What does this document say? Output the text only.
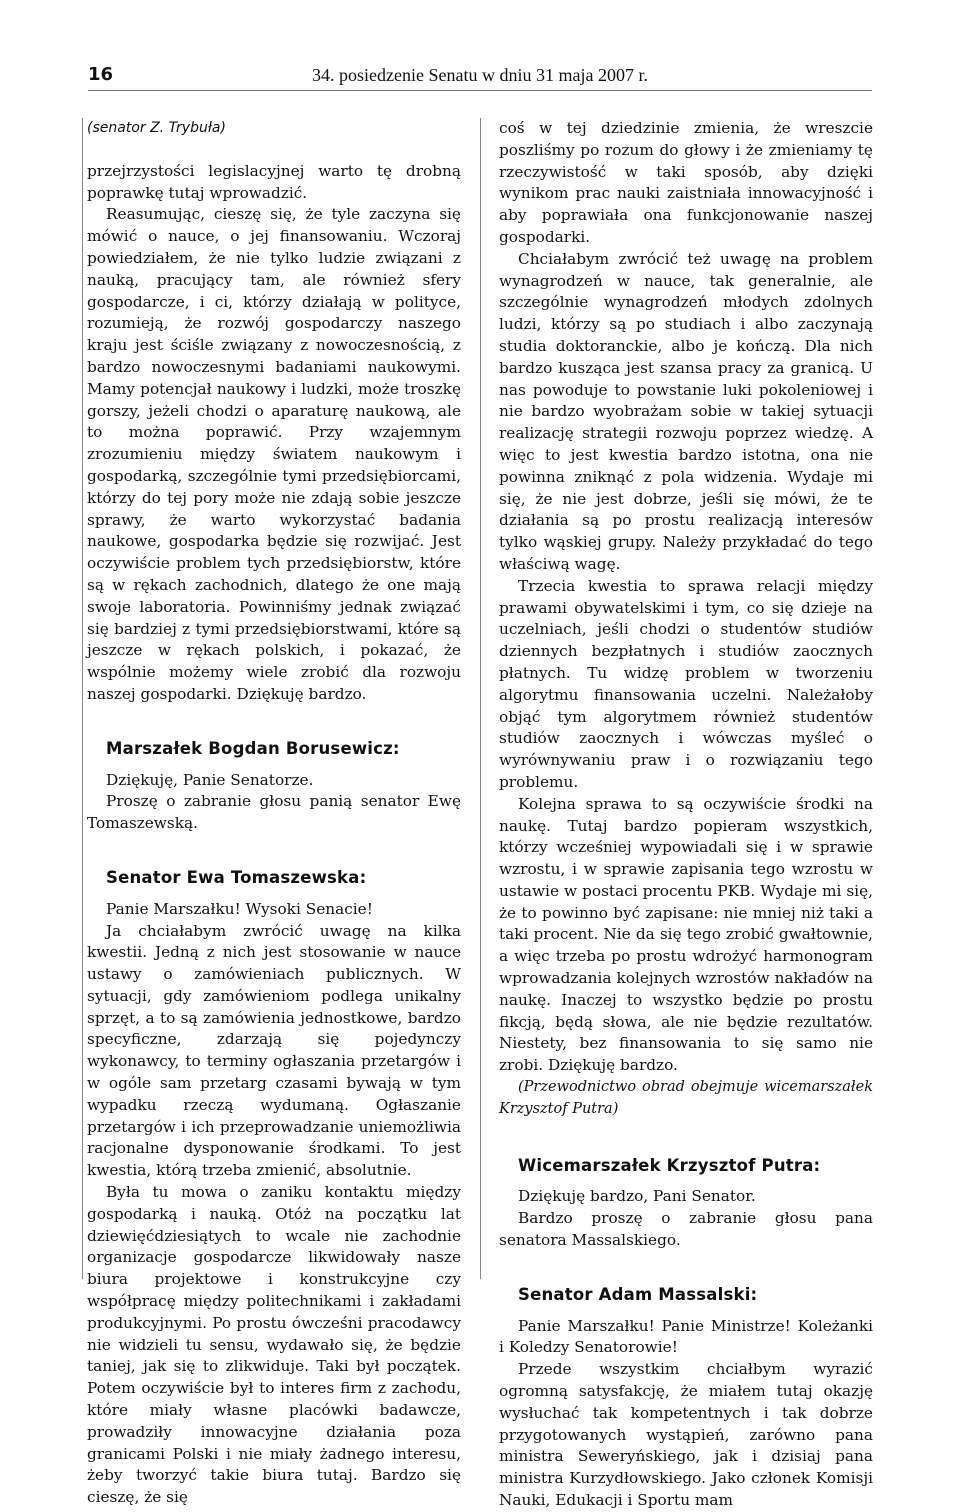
16	34. posiedzenie Senatu w dniu 31 maja 2007 r.
(senator Z. Trybuła)

przejrzystości legislacyjnej warto tę drobną poprawkę tutaj wprowadzić.

Reasumując, cieszę się, że tyle zaczyna się mówić o nauce, o jej finansowaniu. Wczoraj powiedziałem, że nie tylko ludzie związani z nauką, pracujący tam, ale również sfery gospodarcze, i ci, którzy działają w polityce, rozumieją, że rozwój gospodarczy naszego kraju jest ściśle związany z nowoczesnością, z bardzo nowoczesnymi badaniami naukowymi. Mamy potencjał naukowy i ludzki, może troszkę gorszy, jeżeli chodzi o aparaturę naukową, ale to można poprawić. Przy wzajemnym zrozumieniu między światem naukowym i gospodarką, szczególnie tymi przedsiębiorcami, którzy do tej pory może nie zdają sobie jeszcze sprawy, że warto wykorzystać badania naukowe, gospodarka będzie się rozwijać. Jest oczywiście problem tych przedsiębiorstw, które są w rękach zachodnich, dlatego że one mają swoje laboratoria. Powinniśmy jednak związać się bardziej z tymi przedsiębiorstwami, które są jeszcze w rękach polskich, i pokazać, że wspólnie możemy wiele zrobić dla rozwoju naszej gospodarki. Dziękuję bardzo.

Marszałek Bogdan Borusewicz:

Dziękuję, Panie Senatorze.

Proszę o zabranie głosu panią senator Ewę Tomaszewską.

Senator Ewa Tomaszewska:

Panie Marszałku! Wysoki Senacie!

Ja chciałabym zwrócić uwagę na kilka kwestii. Jedną z nich jest stosowanie w nauce ustawy o zamówieniach publicznych. W sytuacji, gdy zamówieniom podlega unikalny sprzęt, a to są zamówienia jednostkowe, bardzo specyficzne, zdarzają się pojedynczy wykonawcy, to terminy ogłaszania przetargów i w ogóle sam przetarg czasami bywają w tym wypadku rzeczą wydumaną. Ogłaszanie przetargów i ich przeprowadzanie uniemożliwia racjonalne dysponowanie środkami. To jest kwestia, którą trzeba zmienić, absolutnie.

Była tu mowa o zaniku kontaktu między gospodarką i nauką. Otóż na początku lat dziewięćdziesiątych to wcale nie zachodnie organizacje gospodarcze likwidowały nasze biura projektowe i konstrukcyjne czy współpracę między politechnikami i zakładami produkcyjnymi. Po prostu ówcześni pracodawcy nie widzieli tu sensu, wydawało się, że będzie taniej, jak się to zlikwiduje. Taki był początek. Potem oczywiście był to interes firm z zachodu, które miały własne placówki badawcze, prowadziły innowacyjne działania poza granicami Polski i nie miały żadnego interesu, żeby tworzyć takie biura tutaj. Bardzo się cieszę, że się

coś w tej dziedzinie zmienia, że wreszcie poszliśmy po rozum do głowy i że zmieniamy tę rzeczywistość w taki sposób, aby dzięki wynikom prac nauki zaistniała innowacyjność i aby poprawiała ona funkcjonowanie naszej gospodarki.

Chciałabym zwrócić też uwagę na problem wynagrodzeń w nauce, tak generalnie, ale szczególnie wynagrodzeń młodych zdolnych ludzi, którzy są po studiach i albo zaczynają studia doktoranckie, albo je kończą. Dla nich bardzo kusząca jest szansa pracy za granicą. U nas powoduje to powstanie luki pokoleniowej i nie bardzo wyobrażam sobie w takiej sytuacji realizację strategii rozwoju poprzez wiedzę. A więc to jest kwestia bardzo istotna, ona nie powinna zniknąć z pola widzenia. Wydaje mi się, że nie jest dobrze, jeśli się mówi, że te działania są po prostu realizacją interesów tylko wąskiej grupy. Należy przykładać do tego właściwą wagę.

Trzecia kwestia to sprawa relacji między prawami obywatelskimi i tym, co się dzieje na uczelniach, jeśli chodzi o studentów studiów dziennych bezpłatnych i studiów zaocznych płatnych. Tu widzę problem w tworzeniu algorytmu finansowania uczelni. Należałoby objąć tym algorytmem również studentów studiów zaocznych i wówczas myśleć o wyrównywaniu praw i o rozwiązaniu tego problemu.

Kolejna sprawa to są oczywiście środki na naukę. Tutaj bardzo popieram wszystkich, którzy wcześniej wypowiadali się i w sprawie wzrostu, i w sprawie zapisania tego wzrostu w ustawie w postaci procentu PKB. Wydaje mi się, że to powinno być zapisane: nie mniej niż taki a taki procent. Nie da się tego zrobić gwałtownie, a więc trzeba po prostu wdrożyć harmonogram wprowadzania kolejnych wzrostów nakładów na naukę. Inaczej to wszystko będzie po prostu fikcją, będą słowa, ale nie będzie rezultatów. Niestety, bez finansowania to się samo nie zrobi. Dziękuję bardzo.

(Przewodnictwo obrad obejmuje wicemarszałek Krzysztof Putra)

Wicemarszałek Krzysztof Putra:

Dziękuję bardzo, Pani Senator.

Bardzo proszę o zabranie głosu pana senatora Massalskiego.

Senator Adam Massalski:

Panie Marszałku! Panie Ministrze! Koleżanki i Koledzy Senatorowie!

Przede wszystkim chciałbym wyrazić ogromną satysfakcję, że miałem tutaj okazję wysłuchać tak kompetentnych i tak dobrze przygotowanych wystąpień, zarówno pana ministra Seweryńskiego, jak i dzisiaj pana ministra Kurzydłowskiego. Jako członek Komisji Nauki, Edukacji i Sportu mam
